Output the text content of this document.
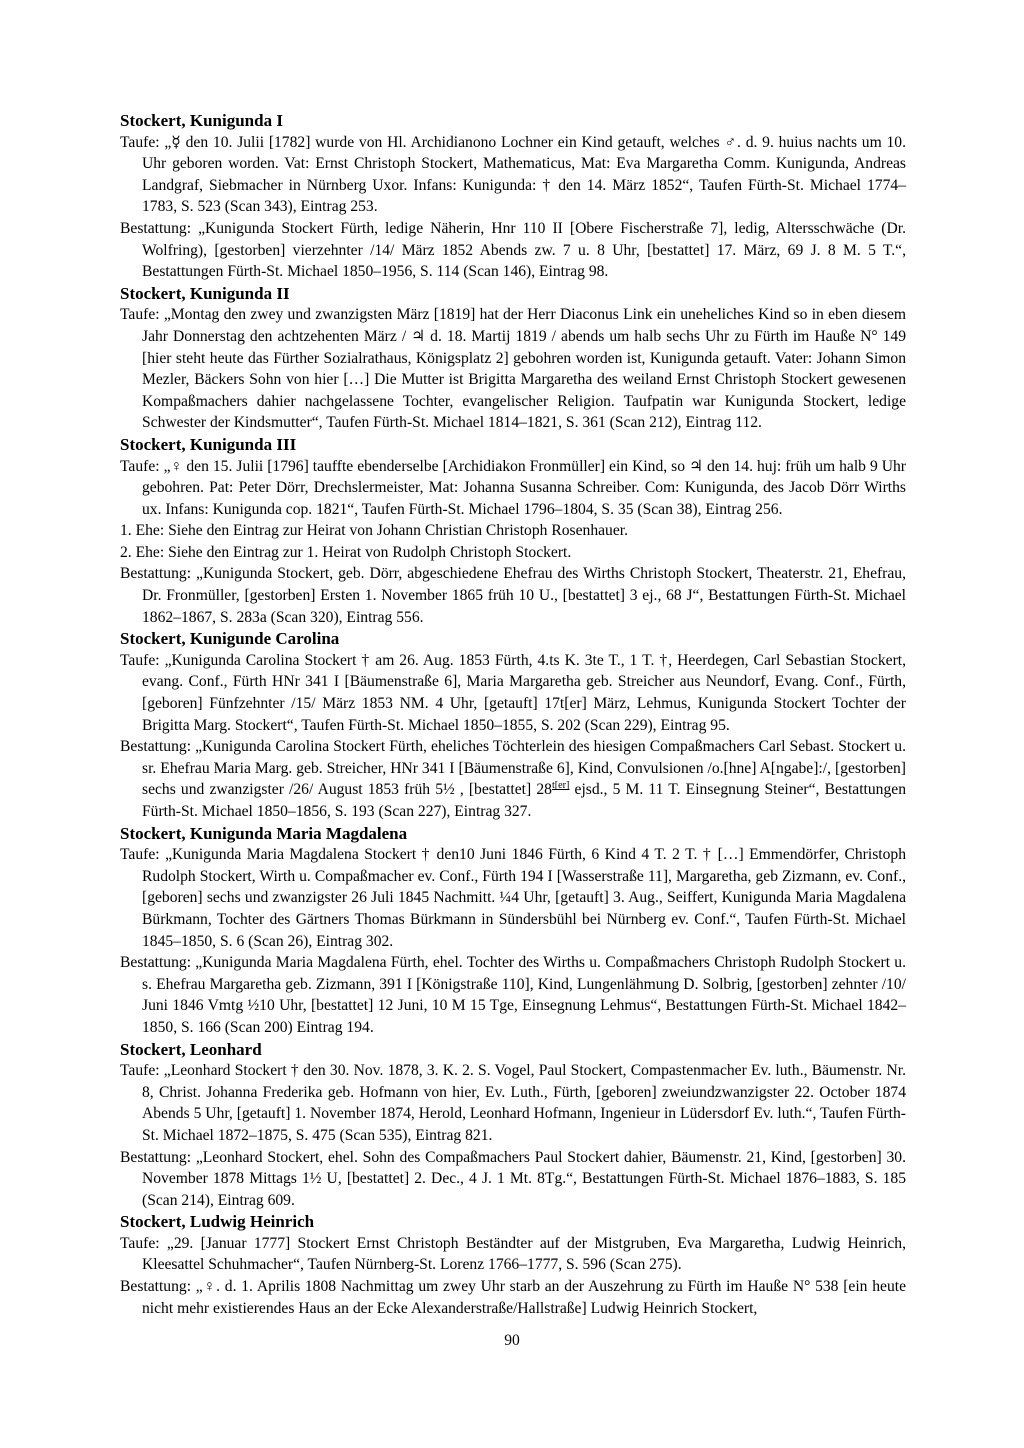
Stockert, Kunigunda I

Taufe: „☿ den 10. Julii [1782] wurde von Hl. Archidianono Lochner ein Kind getauft, welches ♂. d. 9. huius nachts um 10. Uhr geboren worden. Vat: Ernst Christoph Stockert, Mathematicus, Mat: Eva Margaretha Comm. Kunigunda, Andreas Landgraf, Siebmacher in Nürnberg Uxor. Infans: Kunigunda: † den 14. März 1852“, Taufen Fürth-St. Michael 1774–1783, S. 523 (Scan 343), Eintrag 253.

Bestattung: „Kunigunda Stockert Fürth, ledige Näherin, Hnr 110 II [Obere Fischerstraße 7], ledig, Altersschwäche (Dr. Wolfring), [gestorben] vierzehnter /14/ März 1852 Abends zw. 7 u. 8 Uhr, [bestattet] 17. März, 69 J. 8 M. 5 T.“, Bestattungen Fürth-St. Michael 1850–1956, S. 114 (Scan 146), Eintrag 98.

Stockert, Kunigunda II

Taufe: „Montag den zwey und zwanzigsten März [1819] hat der Herr Diaconus Link ein uneheliches Kind so in eben diesem Jahr Donnerstag den achtzehenten März / ♃ d. 18. Martij 1819 / abends um halb sechs Uhr zu Fürth im Hauße N° 149 [hier steht heute das Fürther Sozialrathaus, Königsplatz 2] gebohren worden ist, Kunigunda getauft. Vater: Johann Simon Mezler, Bäckers Sohn von hier […] Die Mutter ist Brigitta Margaretha des weiland Ernst Christoph Stockert gewesenen Kompaßmachers dahier nachgelassene Tochter, evangelischer Religion. Taufpatin war Kunigunda Stockert, ledige Schwester der Kindsmutter“, Taufen Fürth-St. Michael 1814–1821, S. 361 (Scan 212), Eintrag 112.

Stockert, Kunigunda III

Taufe: „♀ den 15. Julii [1796] tauffte ebenderselbe [Archidiakon Fronmüller] ein Kind, so ♃ den 14. huj: früh um halb 9 Uhr gebohren. Pat: Peter Dörr, Drechslermeister, Mat: Johanna Susanna Schreiber. Com: Kunigunda, des Jacob Dörr Wirths ux. Infans: Kunigunda cop. 1821“, Taufen Fürth-St. Michael 1796–1804, S. 35 (Scan 38), Eintrag 256.

1. Ehe: Siehe den Eintrag zur Heirat von Johann Christian Christoph Rosenhauer.

2. Ehe: Siehe den Eintrag zur 1. Heirat von Rudolph Christoph Stockert.

Bestattung: „Kunigunda Stockert, geb. Dörr, abgeschiedene Ehefrau des Wirths Christoph Stockert, Theaterstr. 21, Ehefrau, Dr. Fronmüller, [gestorben] Ersten 1. November 1865 früh 10 U., [bestattet] 3 ej., 68 J“, Bestattungen Fürth-St. Michael 1862–1867, S. 283a (Scan 320), Eintrag 556.

Stockert, Kunigunde Carolina

Taufe: „Kunigunda Carolina Stockert † am 26. Aug. 1853 Fürth, 4.ts K. 3te T., 1 T. †, Heerdegen, Carl Sebastian Stockert, evang. Conf., Fürth HNr 341 I [Bäumenstraße 6], Maria Margaretha geb. Streicher aus Neundorf, Evang. Conf., Fürth, [geboren] Fünfzehnter /15/ März 1853 NM. 4 Uhr, [getauft] 17t[er] März, Lehmus, Kunigunda Stockert Tochter der Brigitta Marg. Stockert“, Taufen Fürth-St. Michael 1850–1855, S. 202 (Scan 229), Eintrag 95.

Bestattung: „Kunigunda Carolina Stockert Fürth, eheliches Töchterlein des hiesigen Compaßmachers Carl Sebast. Stockert u. sr. Ehefrau Maria Marg. geb. Streicher, HNr 341 I [Bäumenstraße 6], Kind, Convulsionen /o.[hne] A[ngabe]:/, [gestorben] sechs und zwanzigster /26/ August 1853 früh 5½ , [bestattet] $28^{t[er]}$ ejsd., 5 M. 11 T. Einsegnung Steiner“, Bestattungen Fürth-St. Michael 1850–1856, S. 193 (Scan 227), Eintrag 327.

Stockert, Kunigunda Maria Magdalena

Taufe: „Kunigunda Maria Magdalena Stockert † den10 Juni 1846 Fürth, 6 Kind 4 T. 2 T. † […] Emmendörfer, Christoph Rudolph Stockert, Wirth u. Compaßmacher ev. Conf., Fürth 194 I [Wasserstraße 11], Margaretha, geb Zizmann, ev. Conf., [geboren] sechs und zwanzigster 26 Juli 1845 Nachmitt. ¼4 Uhr, [getauft] 3. Aug., Seiffert, Kunigunda Maria Magdalena Bürkmann, Tochter des Gärtners Thomas Bürkmann in Sündersbühl bei Nürnberg ev. Conf.“, Taufen Fürth-St. Michael 1845–1850, S. 6 (Scan 26), Eintrag 302.

Bestattung: „Kunigunda Maria Magdalena Fürth, ehel. Tochter des Wirths u. Compaßmachers Christoph Rudolph Stockert u. s. Ehefrau Margaretha geb. Zizmann, 391 I [Königstraße 110], Kind, Lungenlähmung D. Solbrig, [gestorben] zehnter /10/ Juni 1846 Vmtg ½10 Uhr, [bestattet] 12 Juni, 10 M 15 Tge, Einsegnung Lehmus“, Bestattungen Fürth-St. Michael 1842–1850, S. 166 (Scan 200) Eintrag 194.

Stockert, Leonhard

Taufe: „Leonhard Stockert † den 30. Nov. 1878, 3. K. 2. S. Vogel, Paul Stockert, Compastenmacher Ev. luth., Bäumenstr. Nr. 8, Christ. Johanna Frederika geb. Hofmann von hier, Ev. Luth., Fürth, [geboren] zweiundzwanzigster 22. October 1874 Abends 5 Uhr, [getauft] 1. November 1874, Herold, Leonhard Hofmann, Ingenieur in Lüdersdorf Ev. luth.“, Taufen Fürth-St. Michael 1872–1875, S. 475 (Scan 535), Eintrag 821.

Bestattung: „Leonhard Stockert, ehel. Sohn des Compaßmachers Paul Stockert dahier, Bäumenstr. 21, Kind, [gestorben] 30. November 1878 Mittags 1½ U, [bestattet] 2. Dec., 4 J. 1 Mt. 8Tg.“, Bestattungen Fürth-St. Michael 1876–1883, S. 185 (Scan 214), Eintrag 609.

Stockert, Ludwig Heinrich

Taufe: „29. [Januar 1777] Stockert Ernst Christoph Beständter auf der Mistgruben, Eva Margaretha, Ludwig Heinrich, Kleesattel Schuhmacher“, Taufen Nürnberg-St. Lorenz 1766–1777, S. 596 (Scan 275).

Bestattung: „♀. d. 1. Aprilis 1808 Nachmittag um zwey Uhr starb an der Auszehrung zu Fürth im Hauße N° 538 [ein heute nicht mehr existierendes Haus an der Ecke Alexanderstraße/Hallstraße] Ludwig Heinrich Stockert,

90
